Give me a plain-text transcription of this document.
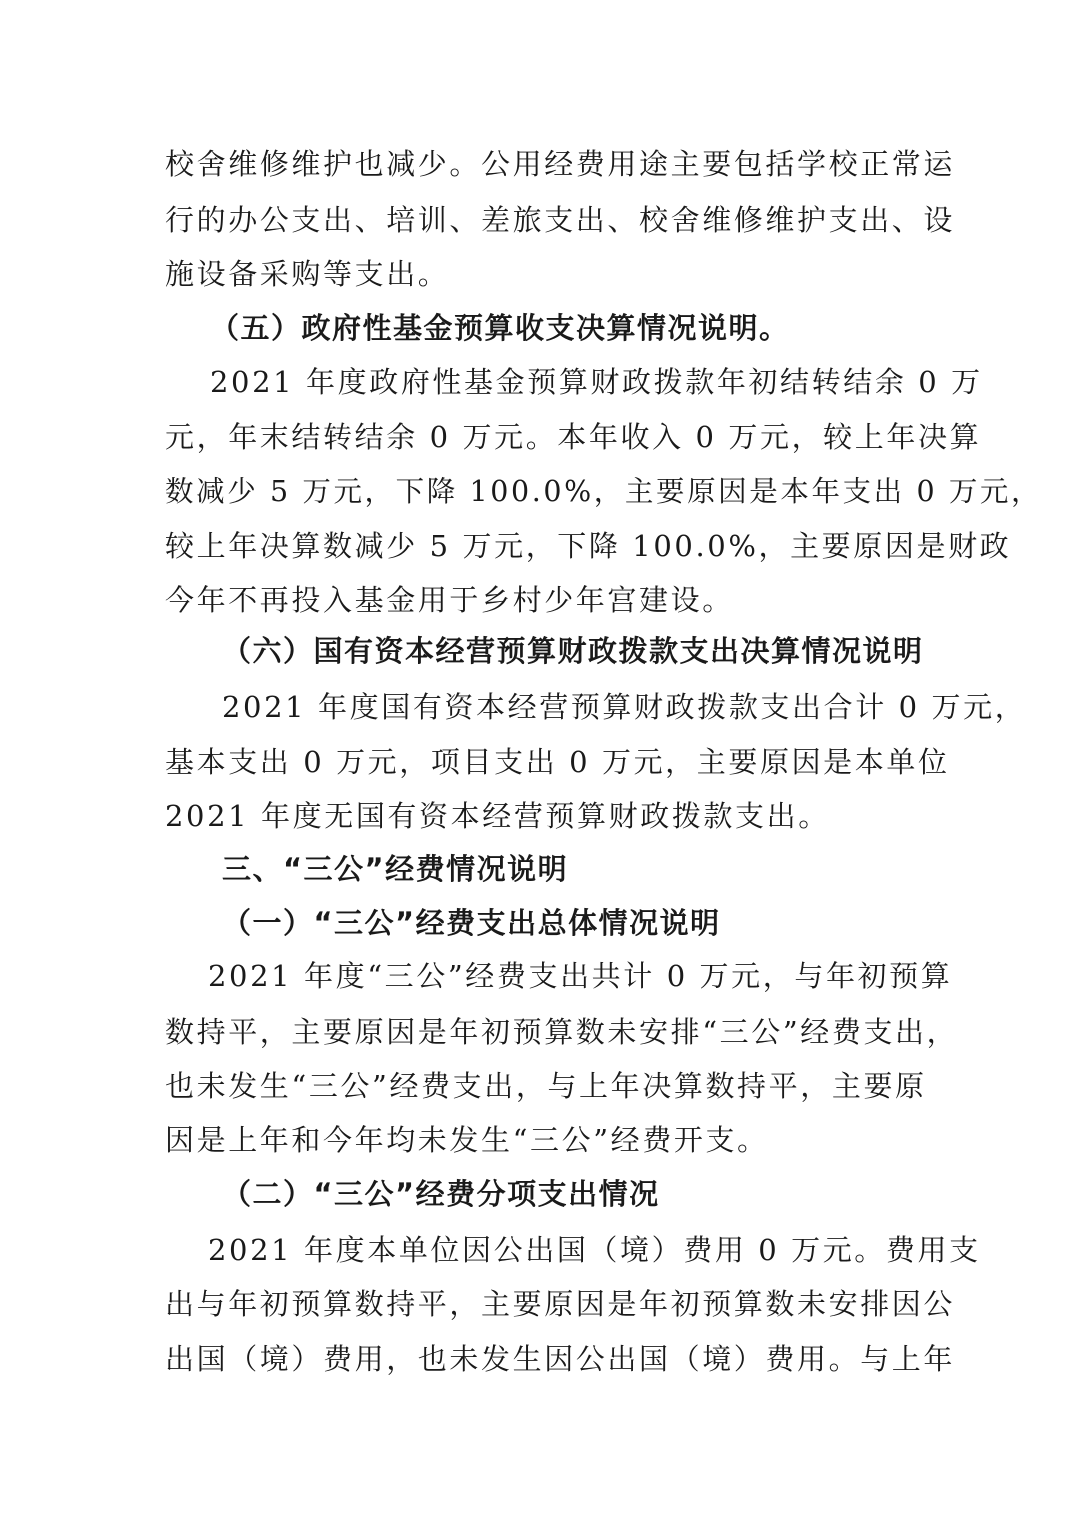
校舍维修维护也减少。公用经费用途主要包括学校正常运
行的办公支出、培训、差旅支出、校舍维修维护支出、设
施设备采购等支出。
（五）政府性基金预算收支决算情况说明。
2021 年度政府性基金预算财政拨款年初结转结余 0 万
元，年末结转结余 0 万元。本年收入 0 万元，较上年决算
数减少 5 万元，下降 100.0%，主要原因是本年支出 0 万元，
较上年决算数减少 5 万元，下降 100.0%，主要原因是财政
今年不再投入基金用于乡村少年宫建设。
（六）国有资本经营预算财政拨款支出决算情况说明
2021 年度国有资本经营预算财政拨款支出合计 0 万元，
基本支出 0 万元，项目支出 0 万元，主要原因是本单位
2021 年度无国有资本经营预算财政拨款支出。
三、“三公”经费情况说明
（一）“三公”经费支出总体情况说明
2021 年度“三公”经费支出共计 0 万元，与年初预算
数持平，主要原因是年初预算数未安排“三公”经费支出，
也未发生“三公”经费支出，与上年决算数持平，主要原
因是上年和今年均未发生“三公”经费开支。
（二）“三公”经费分项支出情况
2021 年度本单位因公出国（境）费用 0 万元。费用支
出与年初预算数持平，主要原因是年初预算数未安排因公
出国（境）费用，也未发生因公出国（境）费用。与上年
